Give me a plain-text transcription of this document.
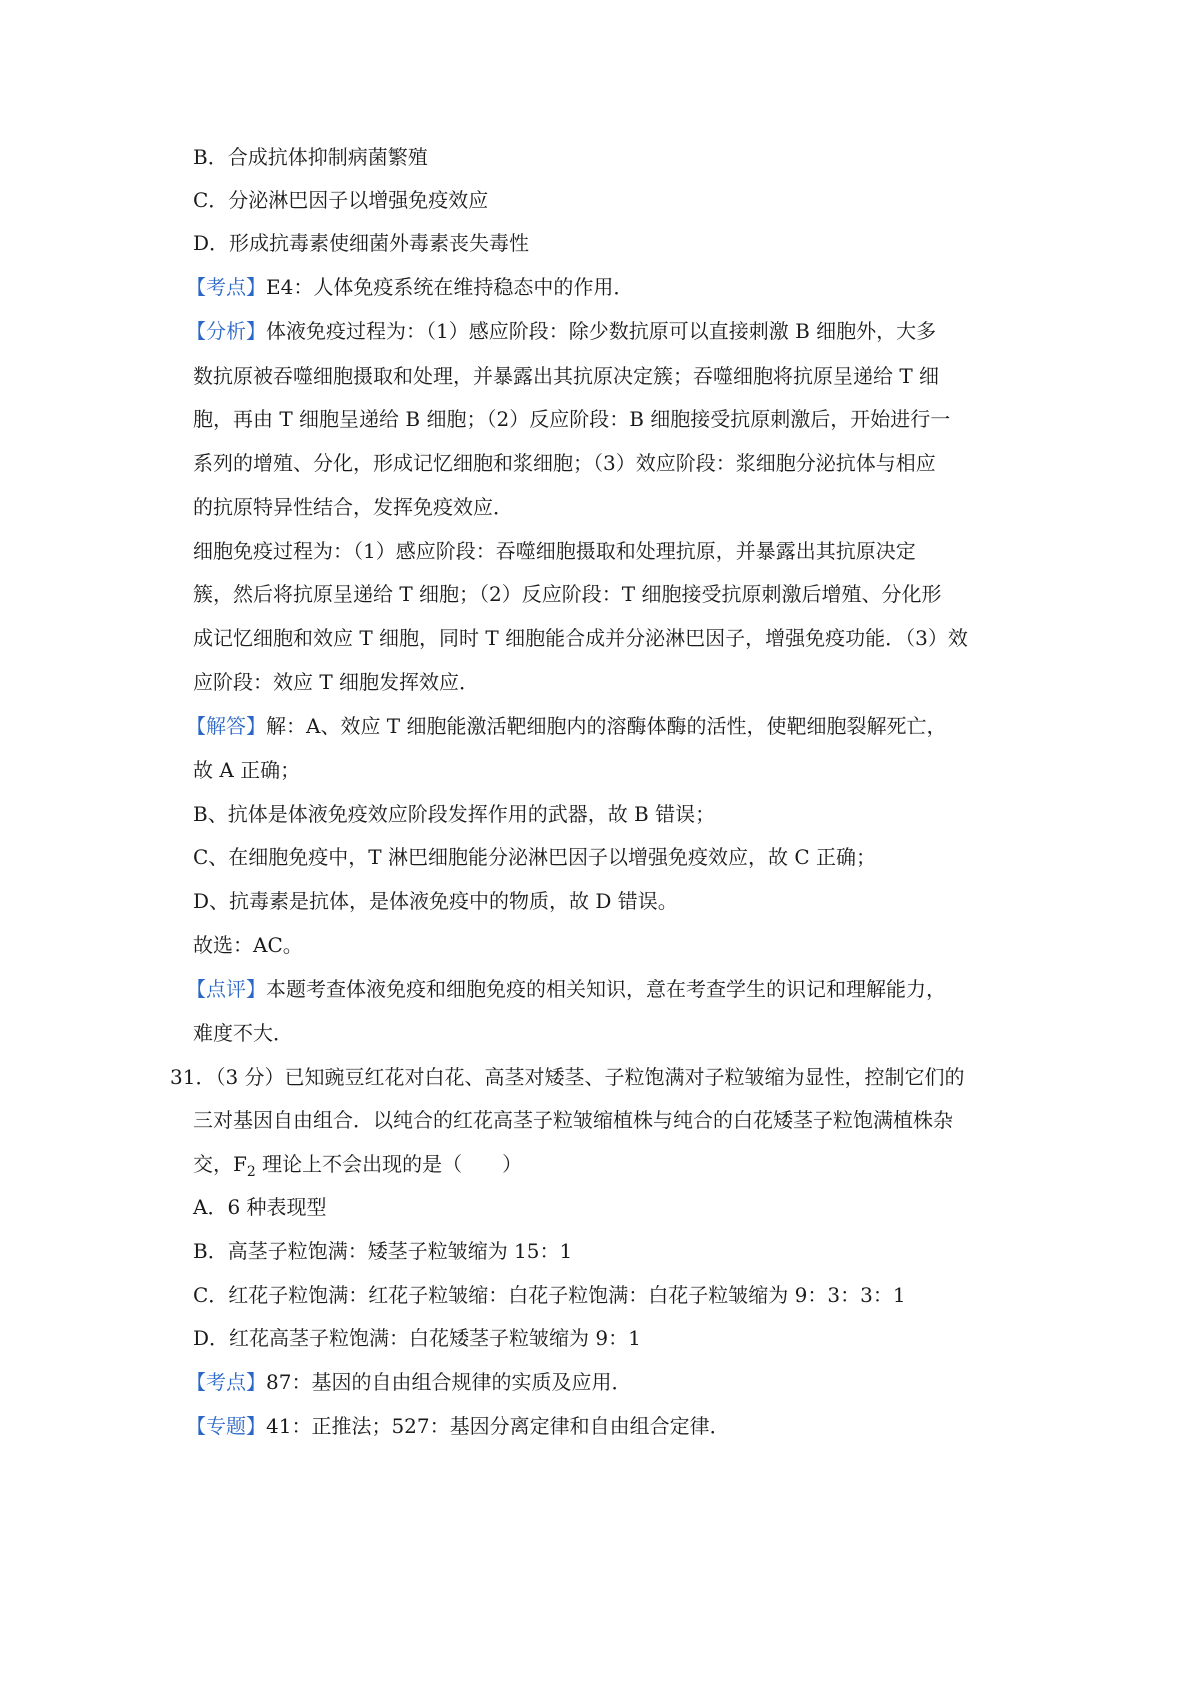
B．合成抗体抑制病菌繁殖
C．分泌淋巴因子以增强免疫效应
D．形成抗毒素使细菌外毒素丧失毒性
【考点】E4：人体免疫系统在维持稳态中的作用．
【分析】体液免疫过程为：（1）感应阶段：除少数抗原可以直接刺激 B 细胞外，大多
数抗原被吞噬细胞摄取和处理，并暴露出其抗原决定簇；吞噬细胞将抗原呈递给 T 细
胞，再由 T 细胞呈递给 B 细胞；（2）反应阶段：B 细胞接受抗原刺激后，开始进行一
系列的增殖、分化，形成记忆细胞和浆细胞；（3）效应阶段：浆细胞分泌抗体与相应
的抗原特异性结合，发挥免疫效应．
细胞免疫过程为：（1）感应阶段：吞噬细胞摄取和处理抗原，并暴露出其抗原决定
簇，然后将抗原呈递给 T 细胞；（2）反应阶段：T 细胞接受抗原刺激后增殖、分化形
成记忆细胞和效应 T 细胞，同时 T 细胞能合成并分泌淋巴因子，增强免疫功能．（3）效
应阶段：效应 T 细胞发挥效应．
【解答】解：A、效应 T 细胞能激活靶细胞内的溶酶体酶的活性，使靶细胞裂解死亡，
故 A 正确；
B、抗体是体液免疫效应阶段发挥作用的武器，故 B 错误；
C、在细胞免疫中，T 淋巴细胞能分泌淋巴因子以增强免疫效应，故 C 正确；
D、抗毒素是抗体，是体液免疫中的物质，故 D 错误。
故选：AC。
【点评】本题考查体液免疫和细胞免疫的相关知识，意在考查学生的识记和理解能力，
难度不大．
31．（3 分）已知豌豆红花对白花、高茎对矮茎、子粒饱满对子粒皱缩为显性，控制它们的
三对基因自由组合．以纯合的红花高茎子粒皱缩植株与纯合的白花矮茎子粒饱满植株杂
交，$F_2$ 理论上不会出现的是（　　）
A．6 种表现型
B．高茎子粒饱满：矮茎子粒皱缩为 15：1
C．红花子粒饱满：红花子粒皱缩：白花子粒饱满：白花子粒皱缩为 9：3：3：1
D．红花高茎子粒饱满：白花矮茎子粒皱缩为 9：1
【考点】87：基因的自由组合规律的实质及应用．
【专题】41：正推法；527：基因分离定律和自由组合定律．
